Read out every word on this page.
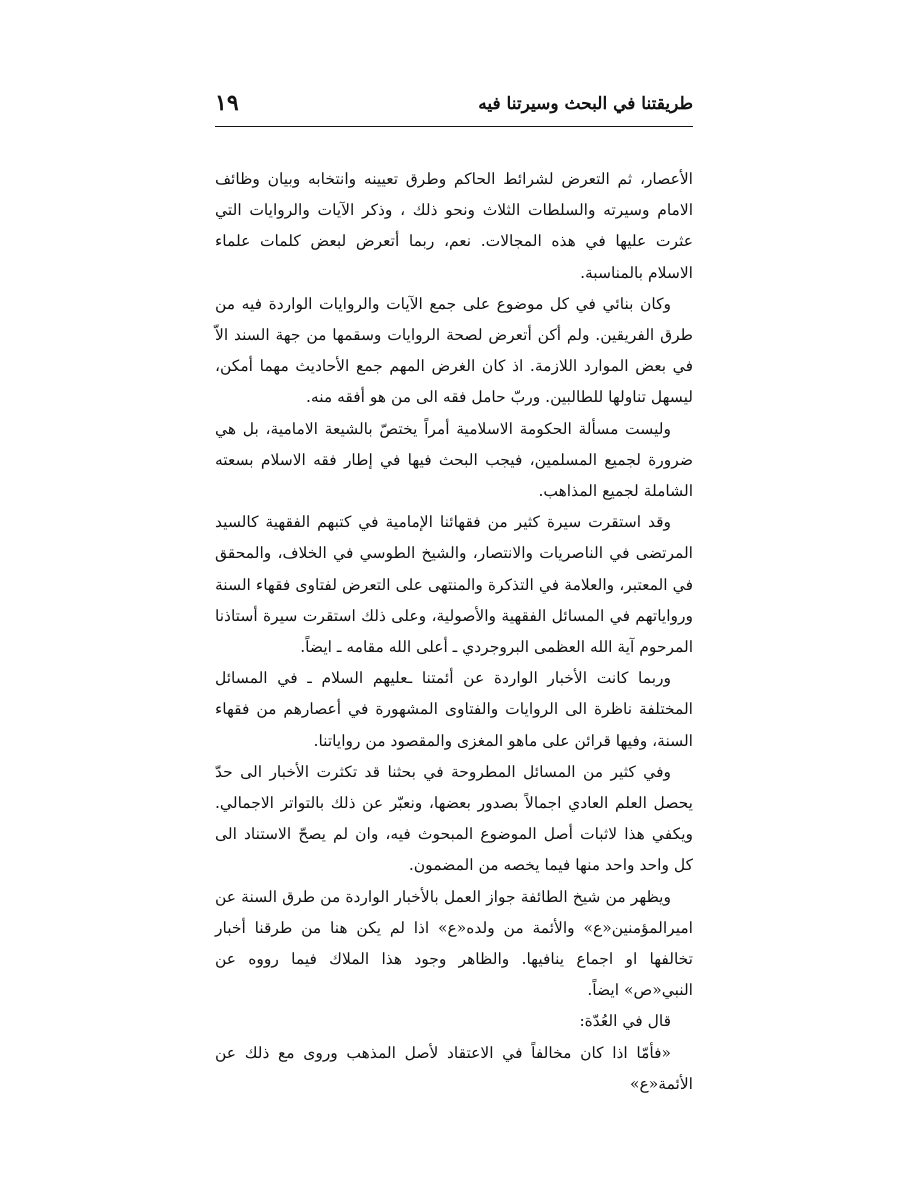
طريقتنا في البحث وسيرتنا فيه
١٩

الأعصار، ثم التعرض لشرائط الحاكم وطرق تعيينه وانتخابه وبيان وظائف الامام وسيرته والسلطات الثلاث ونحو ذلك ، وذكر الآيات والروايات التي عثرت عليها في هذه المجالات. نعم، ربما أتعرض لبعض كلمات علماء الاسلام بالمناسبة.

وكان بنائي في كل موضوع على جمع الآيات والروايات الواردة فيه من طرق الفريقين. ولم أكن أتعرض لصحة الروايات وسقمها من جهة السند الاّ في بعض الموارد اللازمة. اذ كان الغرض المهم جمع الأحاديث مهما أمكن، ليسهل تناولها للطالبين. وربّ حامل فقه الى من هو أفقه منه.

وليست مسألة الحكومة الاسلامية أمراً يختصّ بالشيعة الامامية، بل هي ضرورة لجميع المسلمين، فيجب البحث فيها في إطار فقه الاسلام بسعته الشاملة لجميع المذاهب.

وقد استقرت سيرة كثير من فقهائنا الإمامية في كتبهم الفقهية كالسيد المرتضى في الناصريات والانتصار، والشيخ الطوسي في الخلاف، والمحقق في المعتبر، والعلامة في التذكرة والمنتهى على التعرض لفتاوى فقهاء السنة ورواياتهم في المسائل الفقهية والأصولية، وعلى ذلك استقرت سيرة أستاذنا المرحوم آية الله العظمى البروجردي ـ أعلى الله مقامه ـ ايضاً.

وربما كانت الأخبار الواردة عن أئمتنا ـعليهم السلام ـ في المسائل المختلفة ناظرة الى الروايات والفتاوى المشهورة في أعصارهم من فقهاء السنة، وفيها قرائن على ماهو المغزى والمقصود من رواياتنا.

وفي كثير من المسائل المطروحة في بحثنا قد تكثرت الأخبار الى حدّ يحصل العلم العادي اجمالاً بصدور بعضها، ونعبّر عن ذلك بالتواتر الاجمالي. ويكفي هذا لاثبات أصل الموضوع المبحوث فيه، وان لم يصحّ الاستناد الى كل واحد واحد منها فيما يخصه من المضمون.

ويظهر من شيخ الطائفة جواز العمل بالأخبار الواردة من طرق السنة عن اميرالمؤمنين«ع» والأئمة من ولده«ع» اذا لم يكن هنا من طرقنا أخبار تخالفها او اجماع ينافيها. والظاهر وجود هذا الملاك فيما رووه عن النبي«ص» ايضاً.

قال في العُدّة:

«فأمّا اذا كان مخالفاً في الاعتقاد لأصل المذهب وروى مع ذلك عن الأئمة«ع»
